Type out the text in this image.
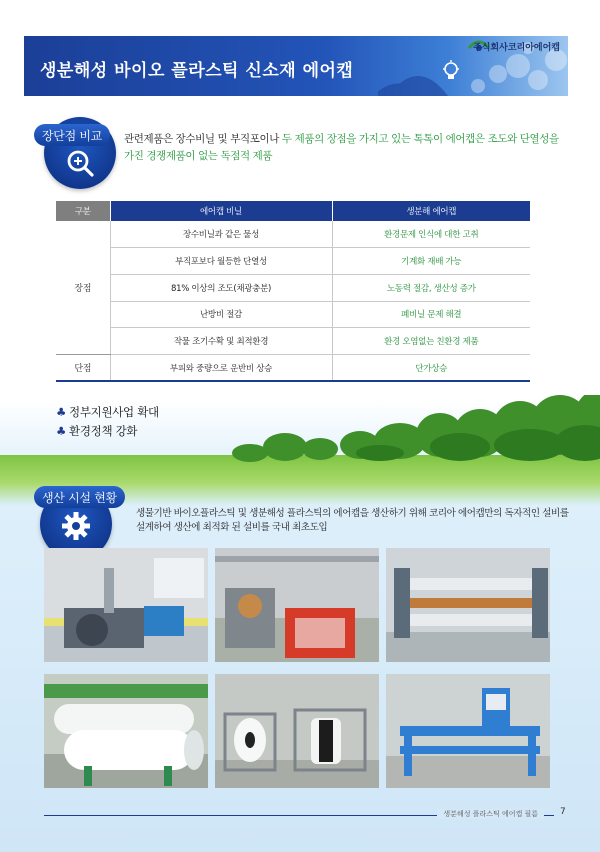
생분해성 바이오 플라스틱 신소재 에어캡
주식회사코리아에어캡
장단점 비교	관련제품은 장수비닐 및 부직포이나 두 제품의 장점을 가지고 있는 톡톡이 에어캡은 조도와 단열성을 가진 경쟁제품이 없는 독점적 제품
구분	에어캡 비닐	생분해 에어캡
장점	장수비닐과 같은 물성	환경문제 인식에 대한 고취
	부직포보다 월등한 단열성	기계화 재배 가능
	81% 이상의 조도(채광충분)	노동력 절감, 생산성 증가
	난방비 절감	폐비닐 문제 해결
	작물 조기수확 및 최적환경	환경 오염없는 친환경 제품
단점	부피와 중량으로 운반비 상승	단가상승
♣ 정부지원사업 확대
♣ 환경정책 강화
생산 시설 현황
생물기반 바이오플라스틱 및 생분해성 플라스틱의 에어캡을 생산하기 위해 코리아 에어캡만의 독자적인 설비를 설계하여 생산에 최적화 된 설비를 국내 최초도입
생분해성 플라스틱 에어캡 필름	7
